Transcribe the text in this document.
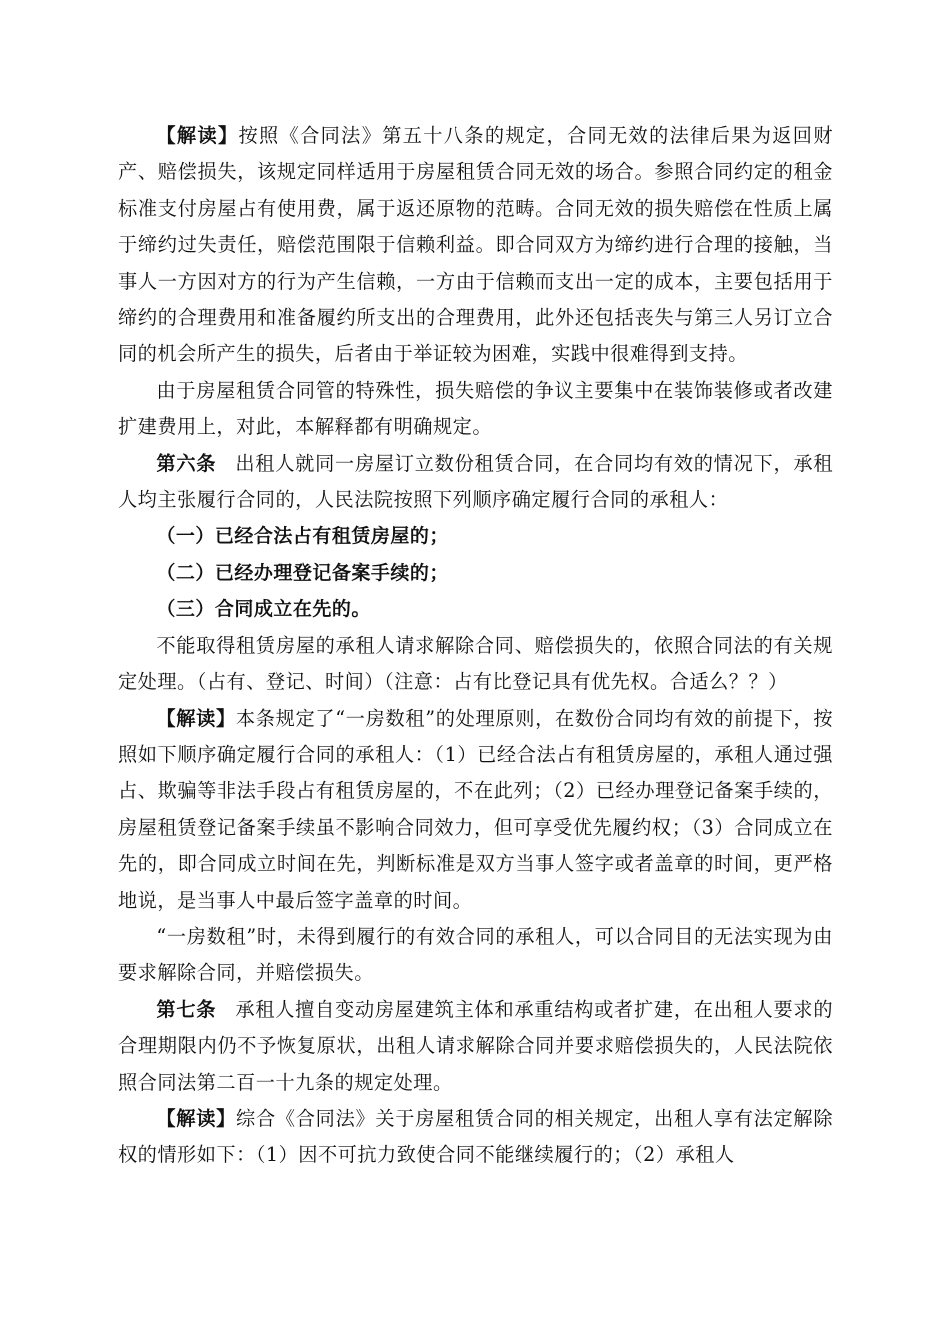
【解读】按照《合同法》第五十八条的规定，合同无效的法律后果为返回财产、赔偿损失，该规定同样适用于房屋租赁合同无效的场合。参照合同约定的租金标准支付房屋占有使用费，属于返还原物的范畴。合同无效的损失赔偿在性质上属于缔约过失责任，赔偿范围限于信赖利益。即合同双方为缔约进行合理的接触，当事人一方因对方的行为产生信赖，一方由于信赖而支出一定的成本，主要包括用于缔约的合理费用和准备履约所支出的合理费用，此外还包括丧失与第三人另订立合同的机会所产生的损失，后者由于举证较为困难，实践中很难得到支持。

由于房屋租赁合同管的特殊性，损失赔偿的争议主要集中在装饰装修或者改建扩建费用上，对此，本解释都有明确规定。

第六条 出租人就同一房屋订立数份租赁合同，在合同均有效的情况下，承租人均主张履行合同的，人民法院按照下列顺序确定履行合同的承租人：

（一）已经合法占有租赁房屋的；

（二）已经办理登记备案手续的；

（三）合同成立在先的。

不能取得租赁房屋的承租人请求解除合同、赔偿损失的，依照合同法的有关规定处理。（占有、登记、时间）（注意：占有比登记具有优先权。合适么？？）

【解读】本条规定了“一房数租”的处理原则，在数份合同均有效的前提下，按照如下顺序确定履行合同的承租人：（1）已经合法占有租赁房屋的，承租人通过强占、欺骗等非法手段占有租赁房屋的，不在此列；（2）已经办理登记备案手续的，房屋租赁登记备案手续虽不影响合同效力，但可享受优先履约权；（3）合同成立在先的，即合同成立时间在先，判断标准是双方当事人签字或者盖章的时间，更严格地说，是当事人中最后签字盖章的时间。

“一房数租”时，未得到履行的有效合同的承租人，可以合同目的无法实现为由要求解除合同，并赔偿损失。

第七条 承租人擅自变动房屋建筑主体和承重结构或者扩建，在出租人要求的合理期限内仍不予恢复原状，出租人请求解除合同并要求赔偿损失的，人民法院依照合同法第二百一十九条的规定处理。

【解读】综合《合同法》关于房屋租赁合同的相关规定，出租人享有法定解除权的情形如下：（1）因不可抗力致使合同不能继续履行的；（2）承租人
